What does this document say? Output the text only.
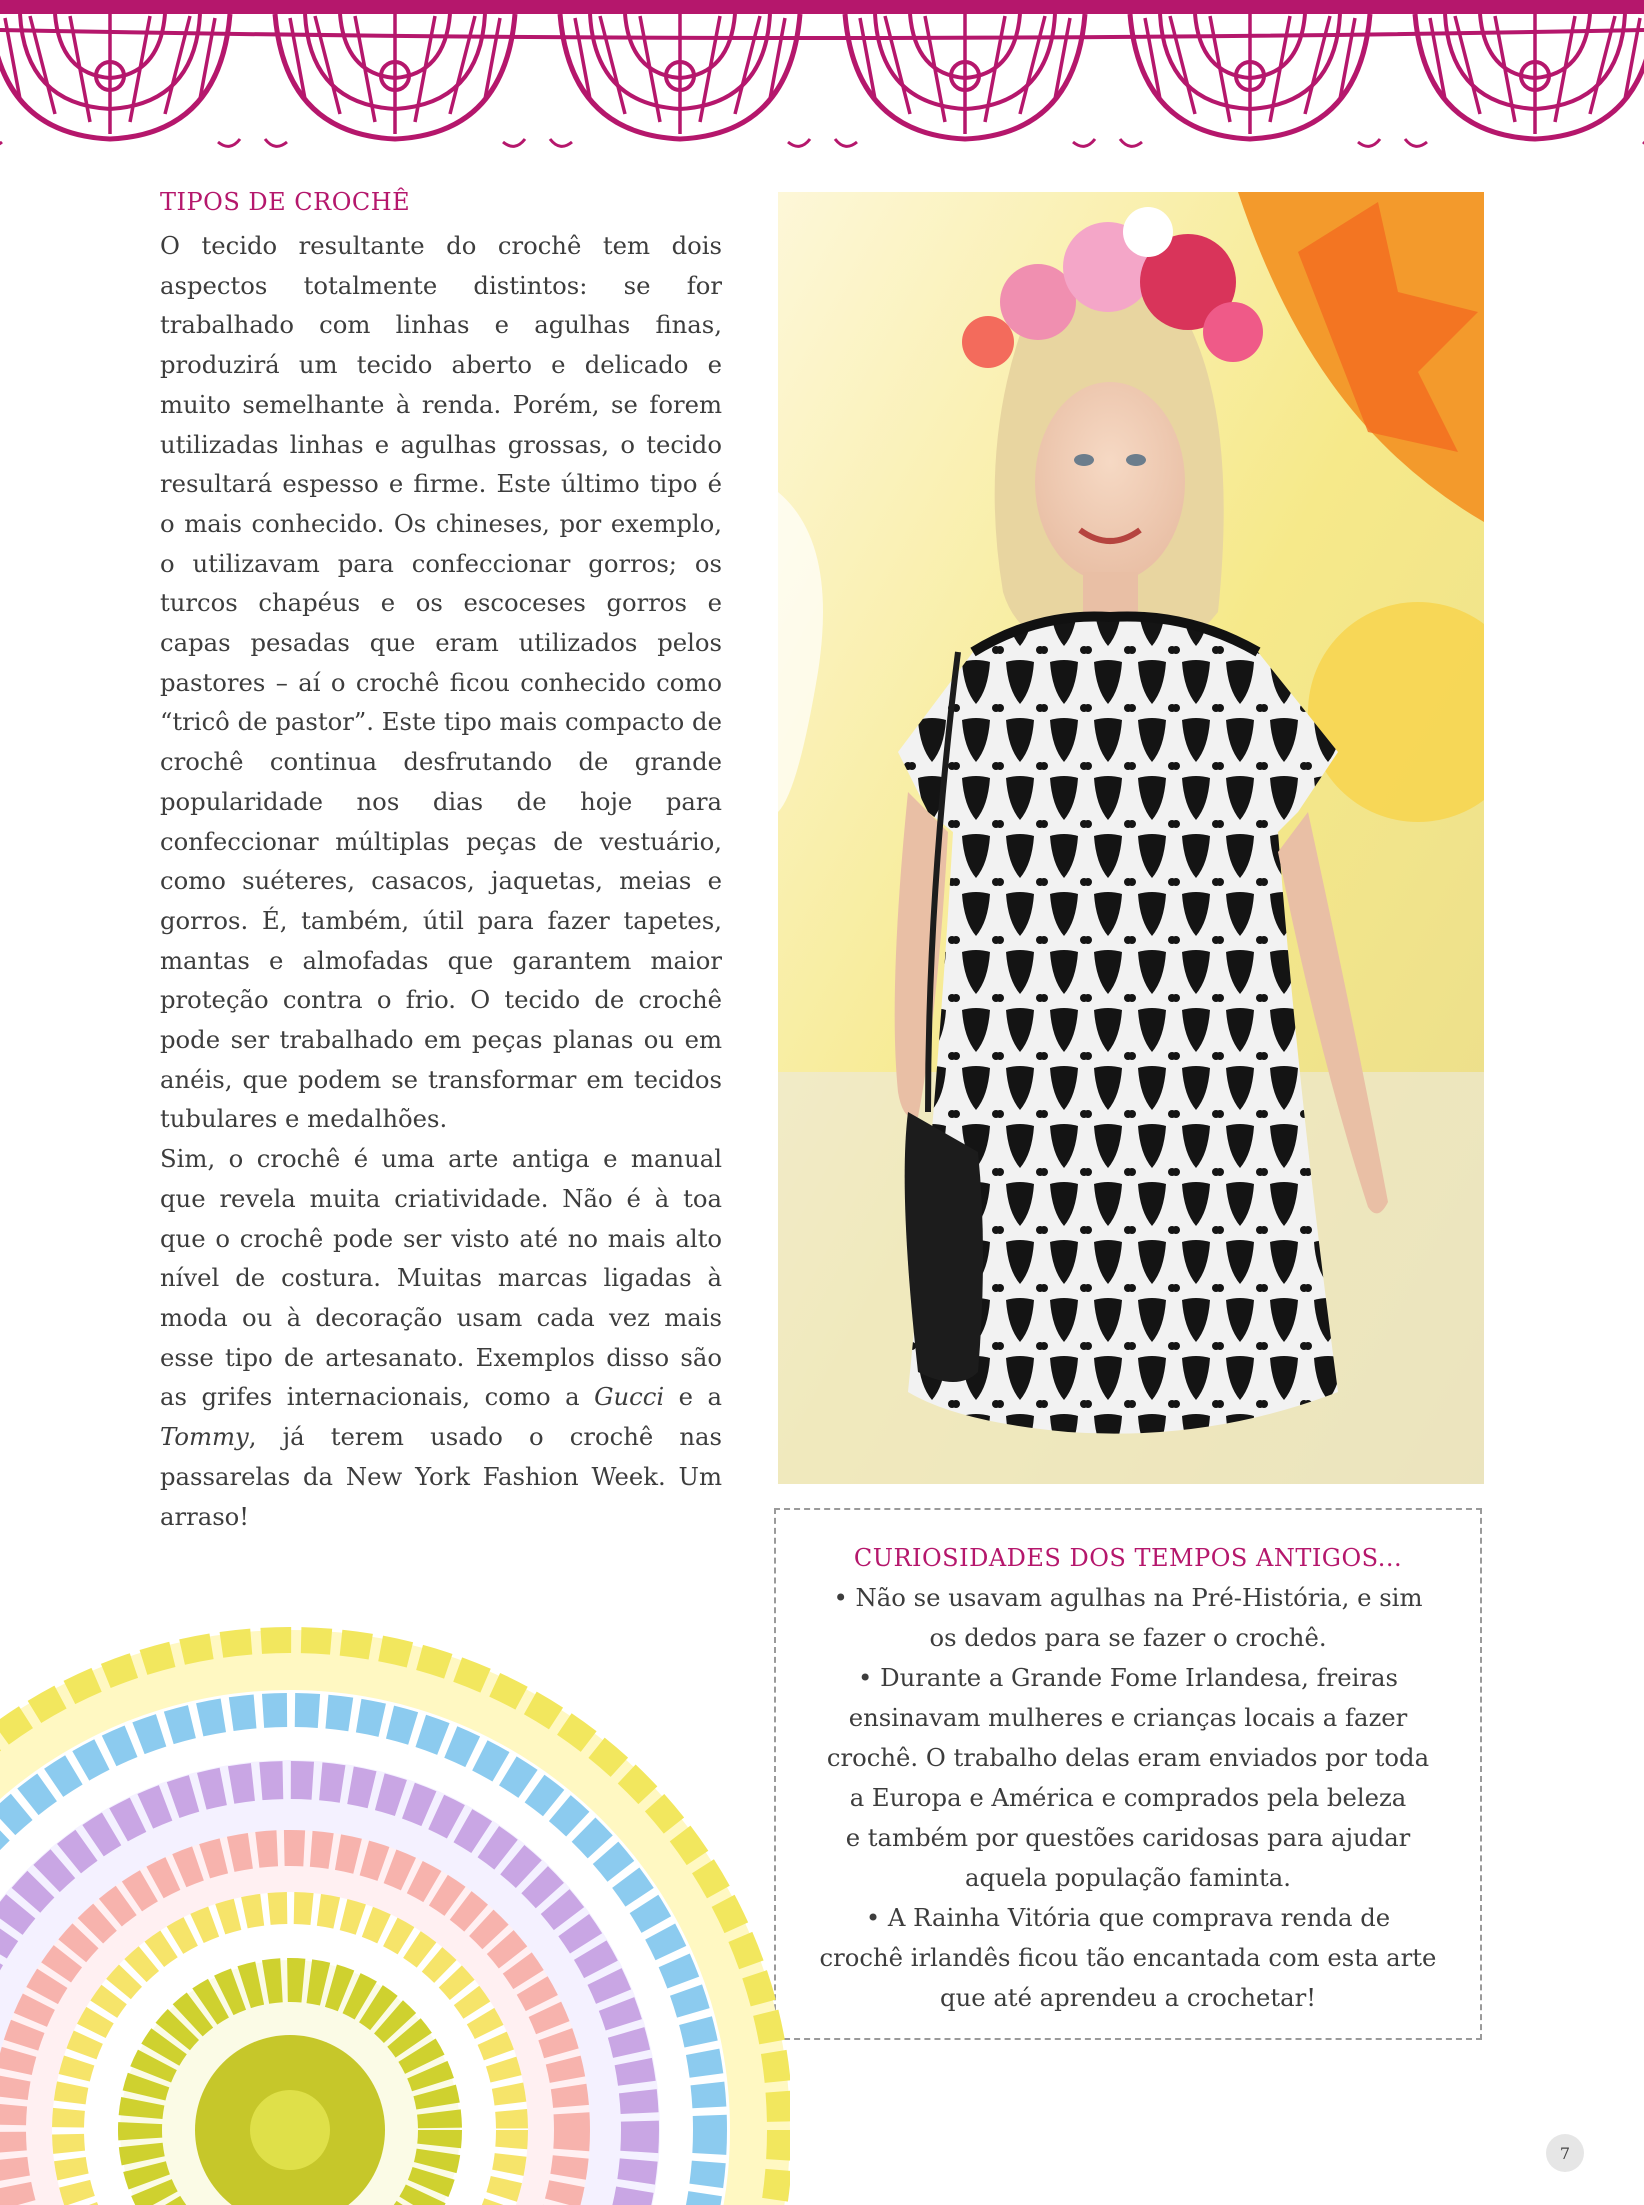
TIPOS DE CROCHÊ

O tecido resultante do crochê tem dois aspectos totalmente distintos: se for trabalhado com linhas e agulhas finas, produzirá um tecido aberto e delicado e muito semelhante à renda. Porém, se forem utilizadas linhas e agulhas grossas, o tecido resultará espesso e firme. Este último tipo é o mais conhecido. Os chineses, por exemplo, o utilizavam para confeccionar gorros; os turcos chapéus e os escoceses gorros e capas pesadas que eram utilizados pelos pastores – aí o crochê ficou conhecido como “tricô de pastor”. Este tipo mais compacto de crochê continua desfrutando de grande popularidade nos dias de hoje para confeccionar múltiplas peças de vestuário, como suéteres, casacos, jaquetas, meias e gorros. É, também, útil para fazer tapetes, mantas e almofadas que garantem maior proteção contra o frio. O tecido de crochê pode ser trabalhado em peças planas ou em anéis, que podem se transformar em tecidos tubulares e medalhões.

Sim, o crochê é uma arte antiga e manual que revela muita criatividade. Não é à toa que o crochê pode ser visto até no mais alto nível de costura. Muitas marcas ligadas à moda ou à decoração usam cada vez mais esse tipo de artesanato. Exemplos disso são as grifes internacionais, como a Gucci e a Tommy, já terem usado o crochê nas passarelas da New York Fashion Week. Um arraso!

CURIOSIDADES DOS TEMPOS ANTIGOS...

• Não se usavam agulhas na Pré-História, e sim
os dedos para se fazer o crochê.

• Durante a Grande Fome Irlandesa, freiras
ensinavam mulheres e crianças locais a fazer
crochê. O trabalho delas eram enviados por toda
a Europa e América e comprados pela beleza
e também por questões caridosas para ajudar
aquela população faminta.

• A Rainha Vitória que comprava renda de
crochê irlandês ficou tão encantada com esta arte
que até aprendeu a crochetar!

7
